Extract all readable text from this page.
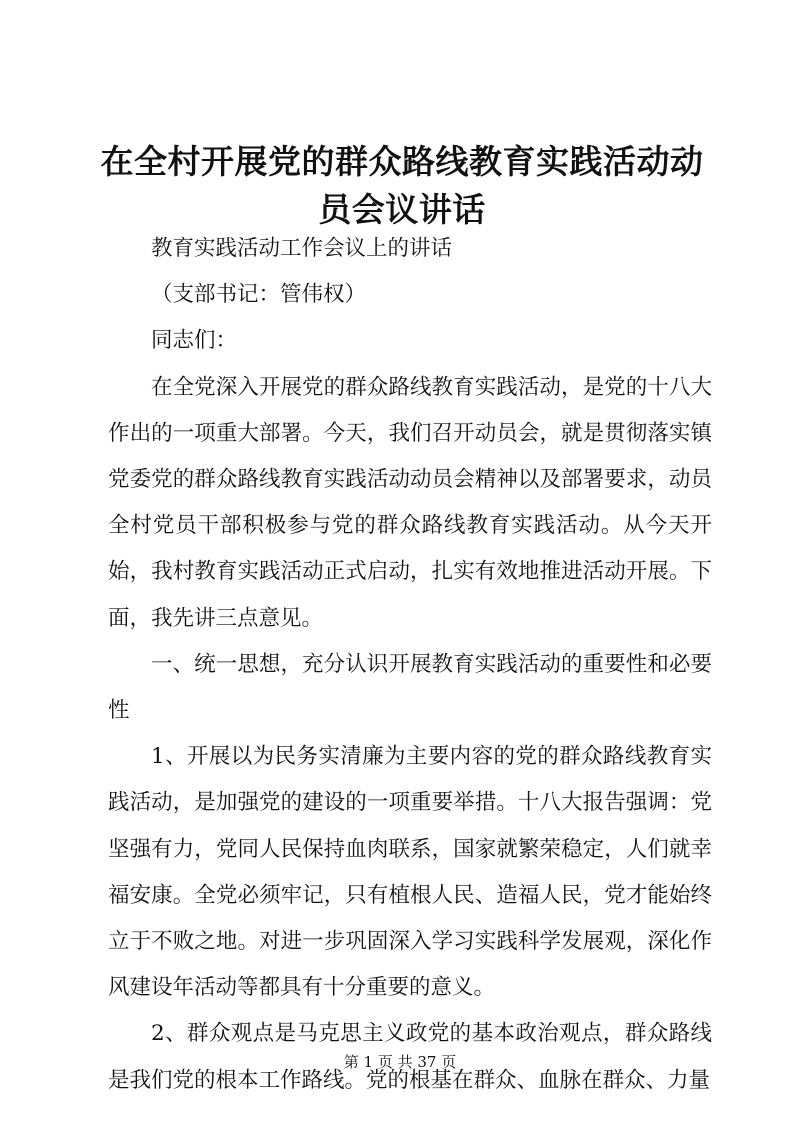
在全村开展党的群众路线教育实践活动动员会议讲话

教育实践活动工作会议上的讲话

（支部书记：管伟权）

同志们：

在全党深入开展党的群众路线教育实践活动，是党的十八大作出的一项重大部署。今天，我们召开动员会，就是贯彻落实镇党委党的群众路线教育实践活动动员会精神以及部署要求，动员全村党员干部积极参与党的群众路线教育实践活动。从今天开始，我村教育实践活动正式启动，扎实有效地推进活动开展。下面，我先讲三点意见。

一、统一思想，充分认识开展教育实践活动的重要性和必要性

1、开展以为民务实清廉为主要内容的党的群众路线教育实践活动，是加强党的建设的一项重要举措。十八大报告强调：党坚强有力，党同人民保持血肉联系，国家就繁荣稳定，人们就幸福安康。全党必须牢记，只有植根人民、造福人民，党才能始终立于不败之地。对进一步巩固深入学习实践科学发展观，深化作风建设年活动等都具有十分重要的意义。

2、群众观点是马克思主义政党的基本政治观点，群众路线是我们党的根本工作路线。党的根基在群众、血脉在群众、力量

第 1 页 共 37 页
